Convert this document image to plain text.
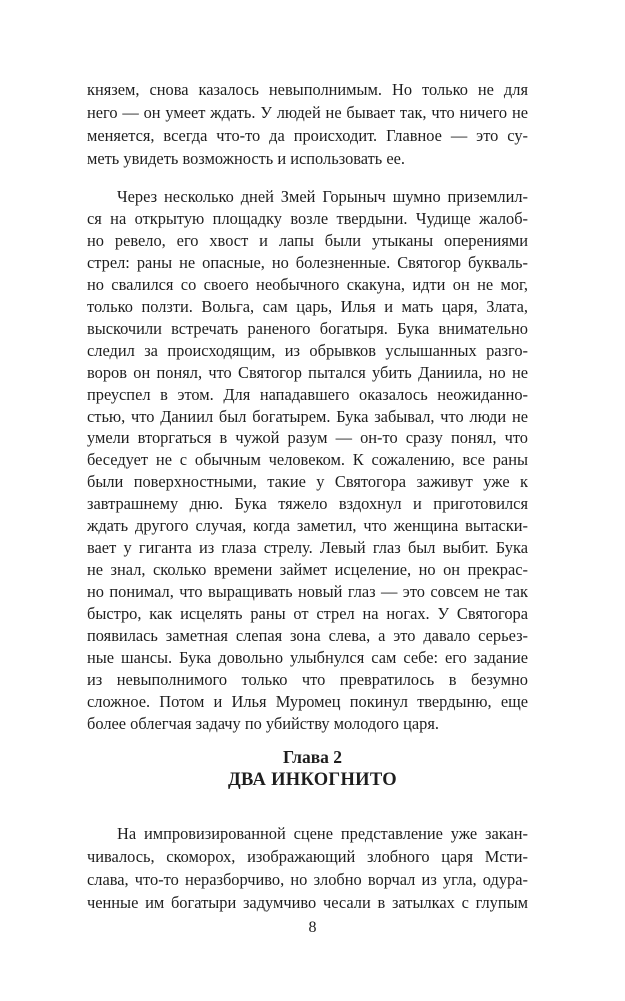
князем, снова казалось невыполнимым. Но только не для
него — он умеет ждать. У людей не бывает так, что ничего не
меняется, всегда что-то да происходит. Главное — это су-
меть увидеть возможность и использовать ее.
Через несколько дней Змей Горыныч шумно приземлил-
ся на открытую площадку возле твердыни. Чудище жалоб-
но ревело, его хвост и лапы были утыканы оперениями
стрел: раны не опасные, но болезненные. Святогор букваль-
но свалился со своего необычного скакуна, идти он не мог,
только ползти. Вольга, сам царь, Илья и мать царя, Злата,
выскочили встречать раненого богатыря. Бука внимательно
следил за происходящим, из обрывков услышанных разго-
воров он понял, что Святогор пытался убить Даниила, но не
преуспел в этом. Для нападавшего оказалось неожиданно-
стью, что Даниил был богатырем. Бука забывал, что люди не
умели вторгаться в чужой разум — он-то сразу понял, что
беседует не с обычным человеком. К сожалению, все раны
были поверхностными, такие у Святогора заживут уже к
завтрашнему дню. Бука тяжело вздохнул и приготовился
ждать другого случая, когда заметил, что женщина вытаски-
вает у гиганта из глаза стрелу. Левый глаз был выбит. Бука
не знал, сколько времени займет исцеление, но он прекрас-
но понимал, что выращивать новый глаз — это совсем не так
быстро, как исцелять раны от стрел на ногах. У Святогора
появилась заметная слепая зона слева, а это давало серьез-
ные шансы. Бука довольно улыбнулся сам себе: его задание
из невыполнимого только что превратилось в безумно
сложное. Потом и Илья Муромец покинул твердыню, еще
более облегчая задачу по убийству молодого царя.
Глава 2
ДВА ИНКОГНИТО
На импровизированной сцене представление уже закан-
чивалось, скоморох, изображающий злобного царя Мсти-
слава, что-то неразборчиво, но злобно ворчал из угла, одура-
ченные им богатыри задумчиво чесали в затылках с глупым
8
